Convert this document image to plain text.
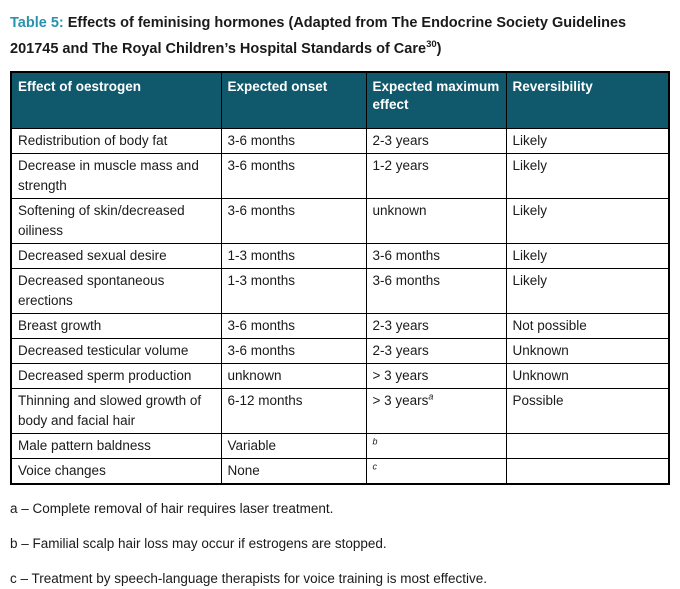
Table 5: Effects of feminising hormones (Adapted from The Endocrine Society Guidelines 201745 and The Royal Children’s Hospital Standards of Care$^{30}$)

Effect of oestrogen	Expected onset	Expected maximum effect	Reversibility
Redistribution of body fat	3-6 months	2-3 years	Likely
Decrease in muscle mass and strength	3-6 months	1-2 years	Likely
Softening of skin/decreased oiliness	3-6 months	unknown	Likely
Decreased sexual desire	1-3 months	3-6 months	Likely
Decreased spontaneous erections	1-3 months	3-6 months	Likely
Breast growth	3-6 months	2-3 years	Not possible
Decreased testicular volume	3-6 months	2-3 years	Unknown
Decreased sperm production	unknown	> 3 years	Unknown
Thinning and slowed growth of body and facial hair	6-12 months	> 3 years$^a$	Possible
Male pattern baldness	Variable	$^b$	
Voice changes	None	$^c$	

a – Complete removal of hair requires laser treatment.

b – Familial scalp hair loss may occur if estrogens are stopped.

c – Treatment by speech-language therapists for voice training is most effective.
